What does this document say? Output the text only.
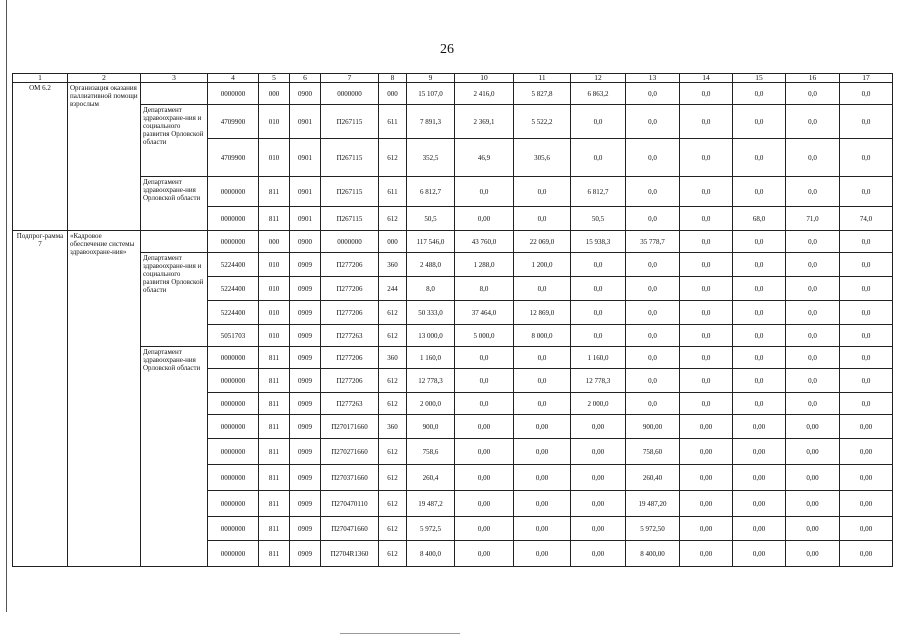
26
1	2	3	4	5	6	7	8	9	10	11	12	13	14	15	16	17
ОМ 6.2	Организация оказания паллиативной помощи взрослым		0000000	000	0900	0000000	000	15 107,0	2 416,0	5 827,8	6 863,2	0,0	0,0	0,0	0,0	0,0
		Департамент здравоохране-ния и социального развития Орловской области	4709900	010	0901	П267115	611	7 891,3	2 369,1	5 522,2	0,0	0,0	0,0	0,0	0,0	0,0
			4709900	010	0901	П267115	612	352,5	46,9	305,6	0,0	0,0	0,0	0,0	0,0	0,0
		Департамент здравоохране-ния Орловской области	0000000	811	0901	П267115	611	6 812,7	0,0	0,0	6 812,7	0,0	0,0	0,0	0,0	0,0
			0000000	811	0901	П267115	612	50,5	0,00	0,0	50,5	0,0	0,0	68,0	71,0	74,0
Подпрог-рамма 7	«Кадровое обеспечение системы здравоохране-ния»		0000000	000	0900	0000000	000	117 546,0	43 760,0	22 069,0	15 938,3	35 778,7	0,0	0,0	0,0	0,0
		Департамент здравоохране-ния и социального развития Орловской области	5224400	010	0909	П277206	360	2 488,0	1 288,0	1 200,0	0,0	0,0	0,0	0,0	0,0	0,0
			5224400	010	0909	П277206	244	8,0	8,0	0,0	0,0	0,0	0,0	0,0	0,0	0,0
			5224400	010	0909	П277206	612	50 333,0	37 464,0	12 869,0	0,0	0,0	0,0	0,0	0,0	0,0
			5051703	010	0909	П277263	612	13 000,0	5 000,0	8 000,0	0,0	0,0	0,0	0,0	0,0	0,0
		Департамент здравоохране-ния Орловской области	0000000	811	0909	П277206	360	1 160,0	0,0	0,0	1 160,0	0,0	0,0	0,0	0,0	0,0
			0000000	811	0909	П277206	612	12 778,3	0,0	0,0	12 778,3	0,0	0,0	0,0	0,0	0,0
			0000000	811	0909	П277263	612	2 000,0	0,0	0,0	2 000,0	0,0	0,0	0,0	0,0	0,0
			0000000	811	0909	П270171660	360	900,0	0,00	0,00	0,00	900,00	0,00	0,00	0,00	0,00
			0000000	811	0909	П270271660	612	758,6	0,00	0,00	0,00	758,60	0,00	0,00	0,00	0,00
			0000000	811	0909	П270371660	612	260,4	0,00	0,00	0,00	260,40	0,00	0,00	0,00	0,00
			0000000	811	0909	П270470110	612	19 487,2	0,00	0,00	0,00	19 487,20	0,00	0,00	0,00	0,00
			0000000	811	0909	П270471660	612	5 972,5	0,00	0,00	0,00	5 972,50	0,00	0,00	0,00	0,00
			0000000	811	0909	П2704R1360	612	8 400,0	0,00	0,00	0,00	8 400,00	0,00	0,00	0,00	0,00
